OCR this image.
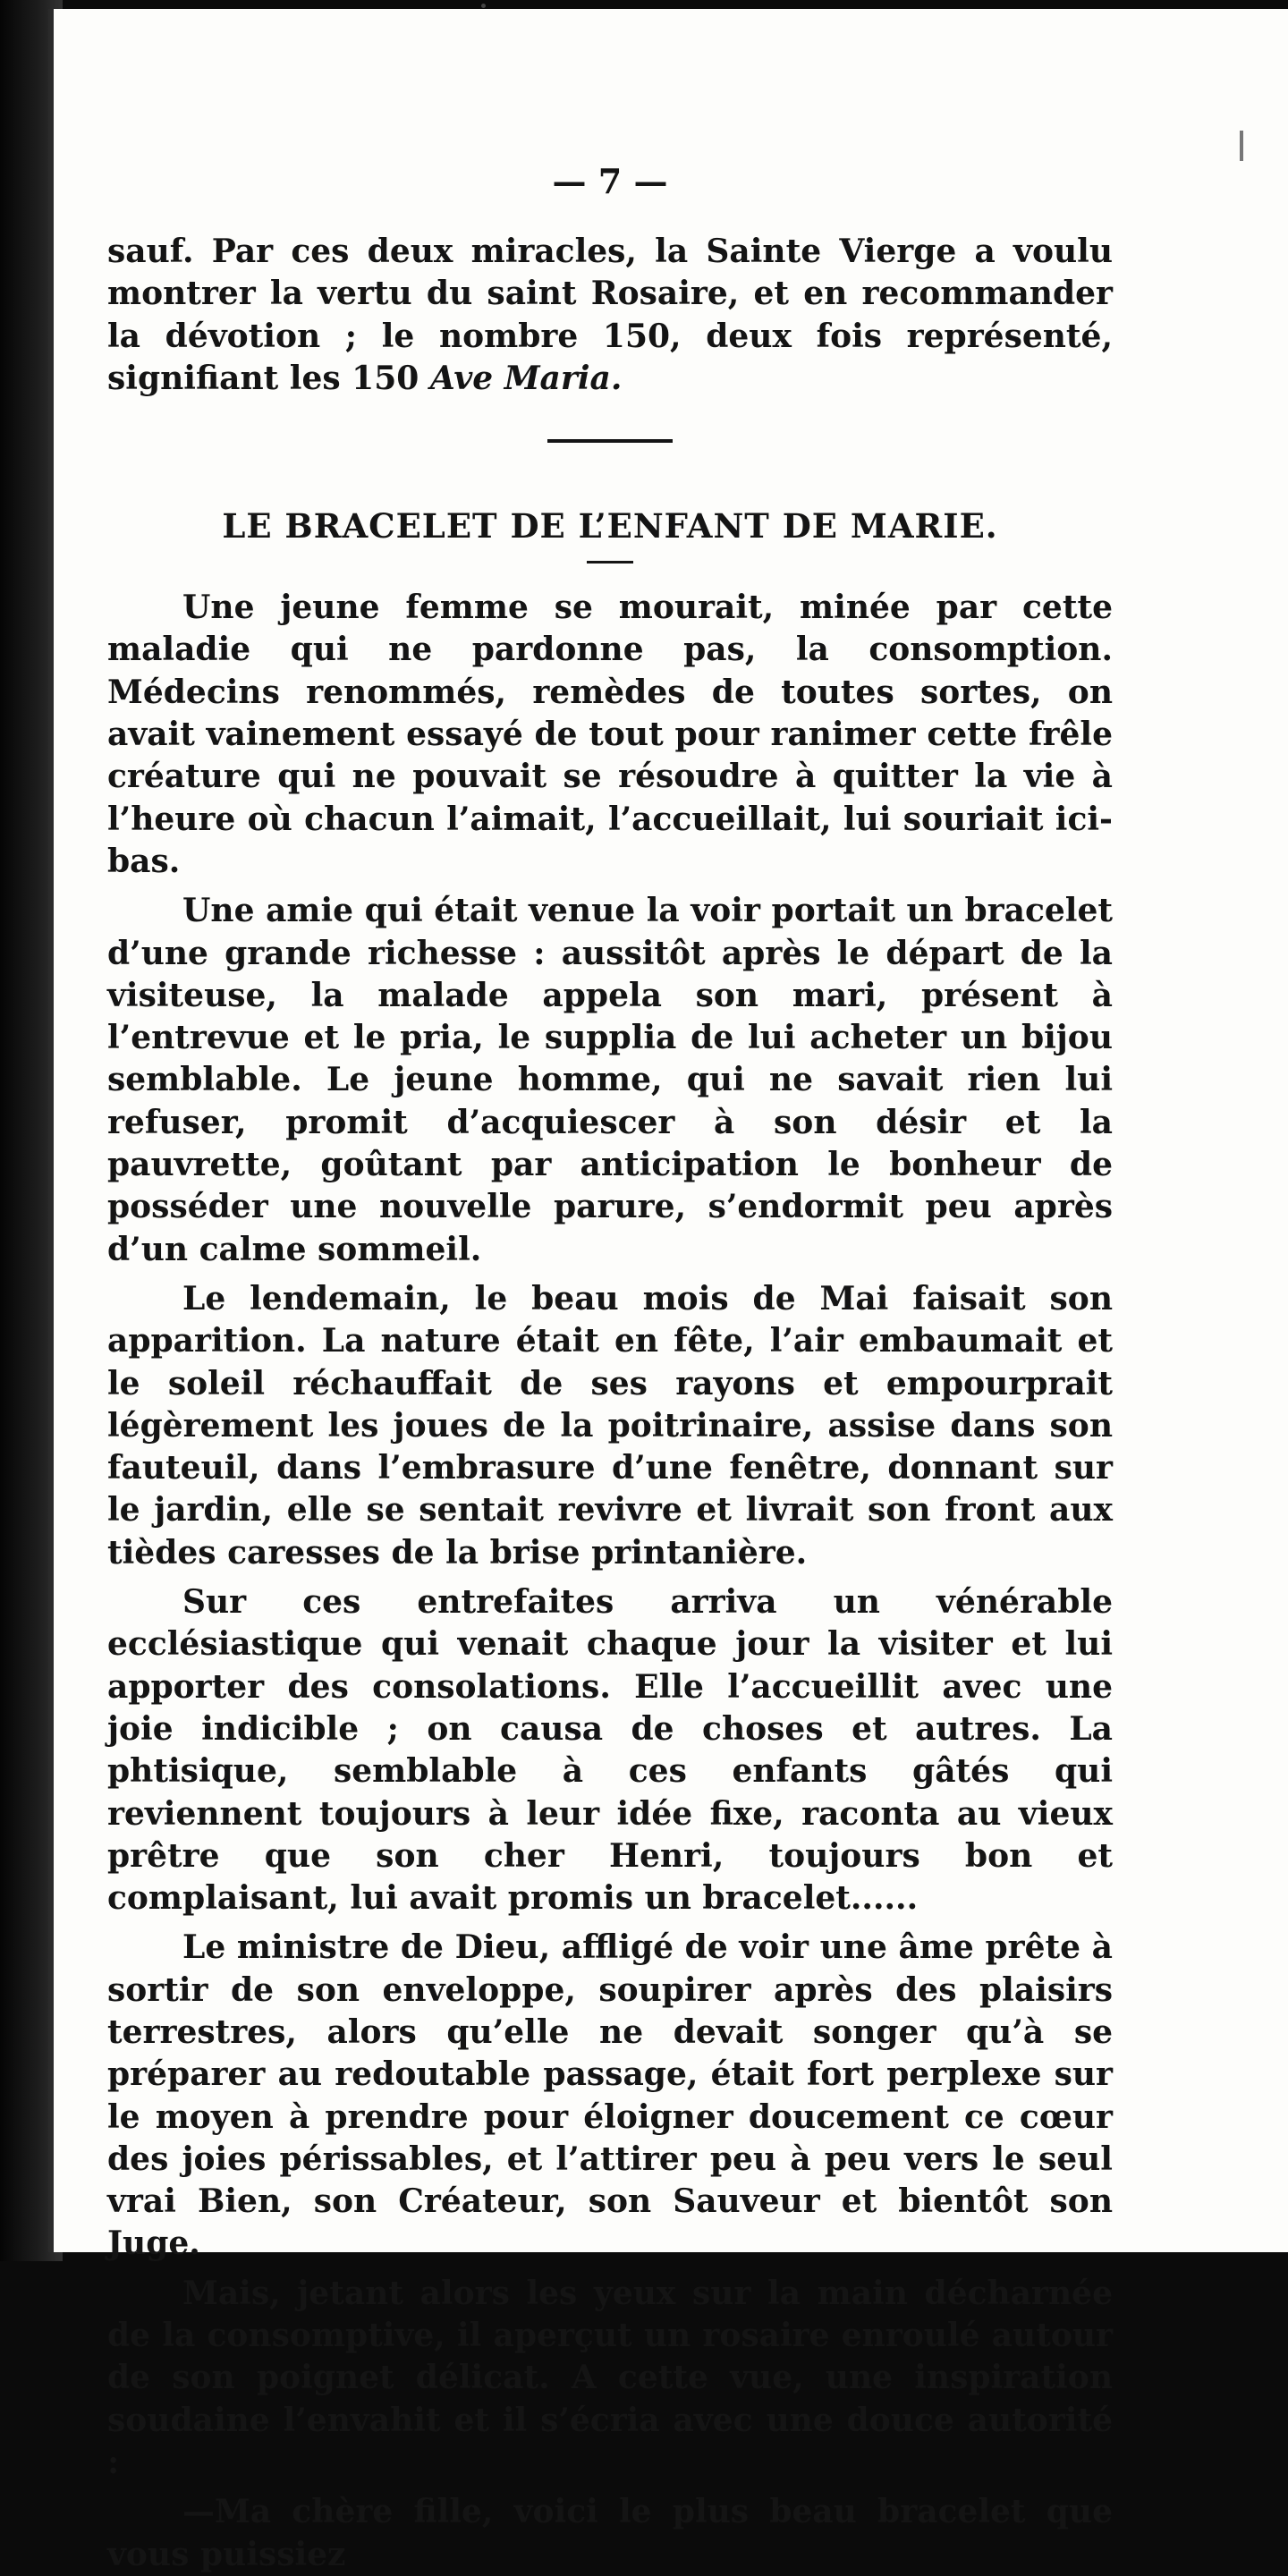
— 7 —

sauf. Par ces deux miracles, la Sainte Vierge a voulu montrer la vertu du saint Rosaire, et en recommander la dévotion ; le nombre 150, deux fois représenté, signifiant les 150 Ave Maria.

LE BRACELET DE L’ENFANT DE MARIE.

Une jeune femme se mourait, minée par cette maladie qui ne pardonne pas, la consomption. Médecins renommés, remèdes de toutes sortes, on avait vainement essayé de tout pour ranimer cette frêle créature qui ne pouvait se résoudre à quitter la vie à l’heure où chacun l’aimait, l’accueillait, lui souriait ici-bas.

Une amie qui était venue la voir portait un bracelet d’une grande richesse : aussitôt après le départ de la visiteuse, la malade appela son mari, présent à l’entrevue et le pria, le supplia de lui acheter un bijou semblable. Le jeune homme, qui ne savait rien lui refuser, promit d’acquiescer à son désir et la pauvrette, goûtant par anticipation le bonheur de posséder une nouvelle parure, s’endormit peu après d’un calme sommeil.

Le lendemain, le beau mois de Mai faisait son apparition. La nature était en fête, l’air embaumait et le soleil réchauffait de ses rayons et empourprait légèrement les joues de la poitrinaire, assise dans son fauteuil, dans l’embrasure d’une fenêtre, donnant sur le jardin, elle se sentait revivre et livrait son front aux tièdes caresses de la brise printanière.

Sur ces entrefaites arriva un vénérable ecclésiastique qui venait chaque jour la visiter et lui apporter des consolations. Elle l’accueillit avec une joie indicible ; on causa de choses et autres. La phtisique, semblable à ces enfants gâtés qui reviennent toujours à leur idée fixe, raconta au vieux prêtre que son cher Henri, toujours bon et complaisant, lui avait promis un bracelet......

Le ministre de Dieu, affligé de voir une âme prête à sortir de son enveloppe, soupirer après des plaisirs terrestres, alors qu’elle ne devait songer qu’à se préparer au redoutable passage, était fort perplexe sur le moyen à prendre pour éloigner doucement ce cœur des joies périssables, et l’attirer peu à peu vers le seul vrai Bien, son Créateur, son Sauveur et bientôt son Juge.

Mais, jetant alors les yeux sur la main décharnée de la consomptive, il aperçut un rosaire enroulé autour de son poignet délicat. A cette vue, une inspiration soudaine l’envahit et il s’écria avec une douce autorité :

—Ma chère fille, voici le plus beau bracelet que vous puissiez
